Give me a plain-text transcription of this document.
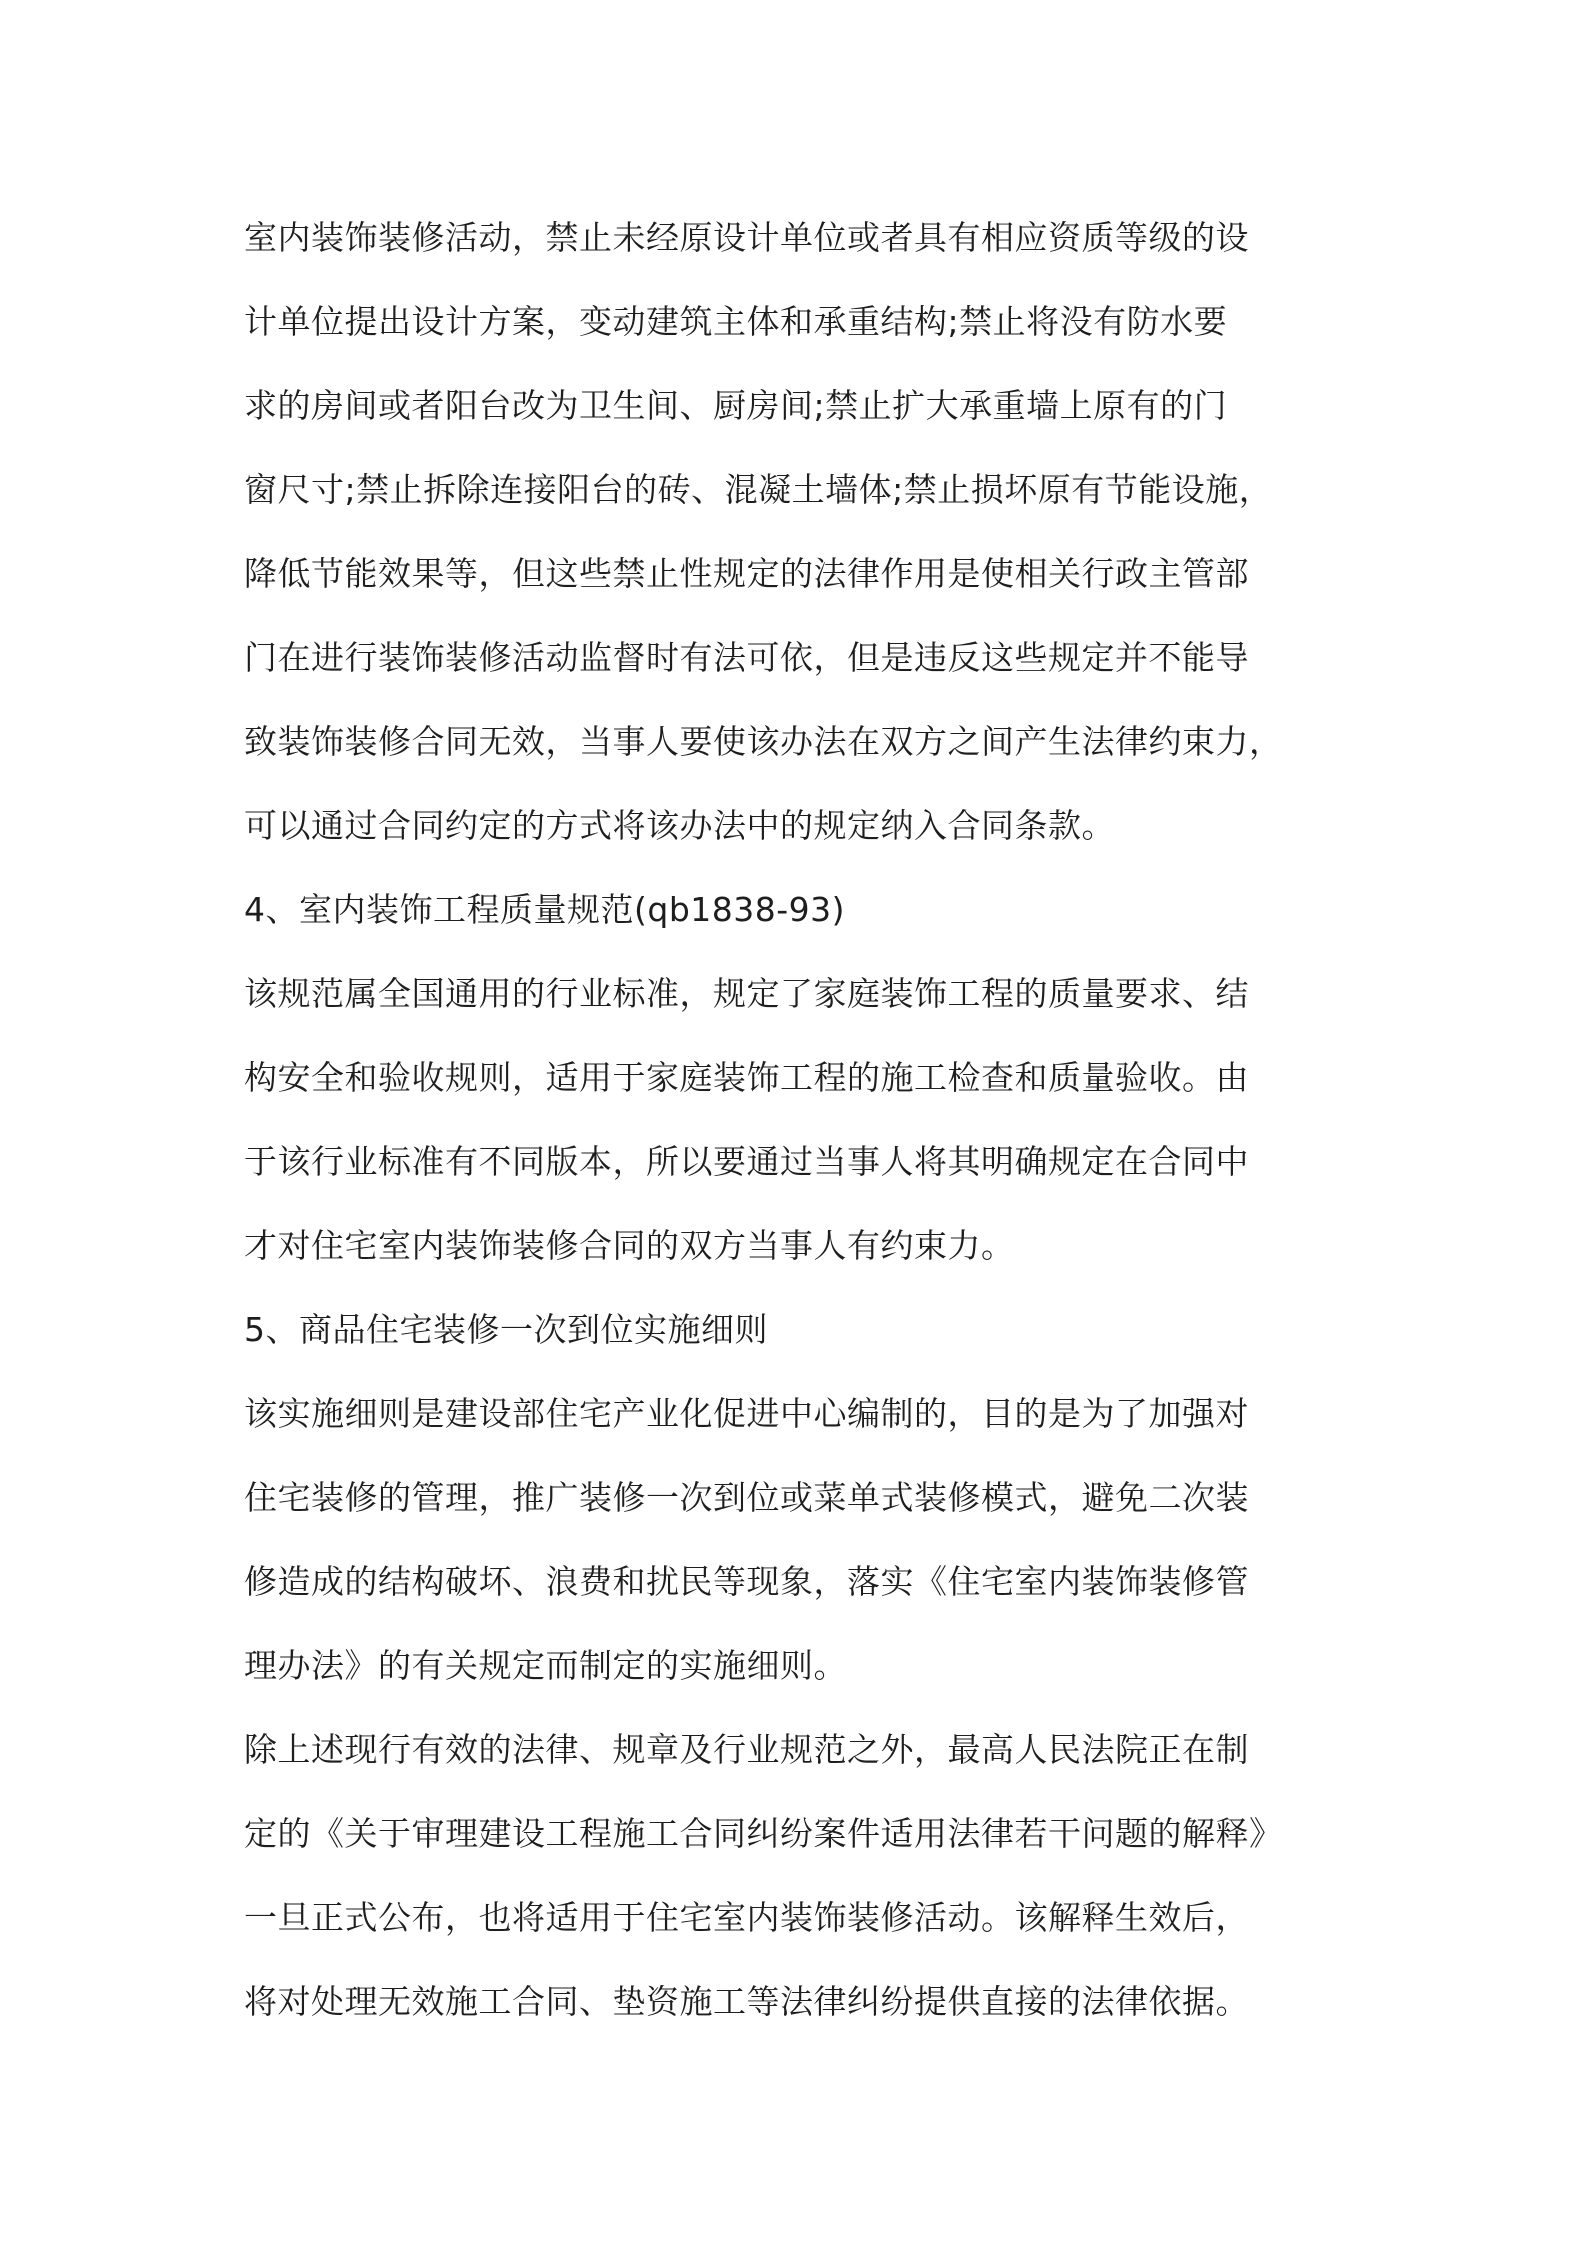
室内装饰装修活动，禁止未经原设计单位或者具有相应资质等级的设
计单位提出设计方案，变动建筑主体和承重结构;禁止将没有防水要
求的房间或者阳台改为卫生间、厨房间;禁止扩大承重墙上原有的门
窗尺寸;禁止拆除连接阳台的砖、混凝土墙体;禁止损坏原有节能设施，
降低节能效果等，但这些禁止性规定的法律作用是使相关行政主管部
门在进行装饰装修活动监督时有法可依，但是违反这些规定并不能导
致装饰装修合同无效，当事人要使该办法在双方之间产生法律约束力，
可以通过合同约定的方式将该办法中的规定纳入合同条款。
4、室内装饰工程质量规范(qb1838-93)
该规范属全国通用的行业标准，规定了家庭装饰工程的质量要求、结
构安全和验收规则，适用于家庭装饰工程的施工检查和质量验收。由
于该行业标准有不同版本，所以要通过当事人将其明确规定在合同中
才对住宅室内装饰装修合同的双方当事人有约束力。
5、商品住宅装修一次到位实施细则
该实施细则是建设部住宅产业化促进中心编制的，目的是为了加强对
住宅装修的管理，推广装修一次到位或菜单式装修模式，避免二次装
修造成的结构破坏、浪费和扰民等现象，落实《住宅室内装饰装修管
理办法》的有关规定而制定的实施细则。
除上述现行有效的法律、规章及行业规范之外，最高人民法院正在制
定的《关于审理建设工程施工合同纠纷案件适用法律若干问题的解释》
一旦正式公布，也将适用于住宅室内装饰装修活动。该解释生效后，
将对处理无效施工合同、垫资施工等法律纠纷提供直接的法律依据。
